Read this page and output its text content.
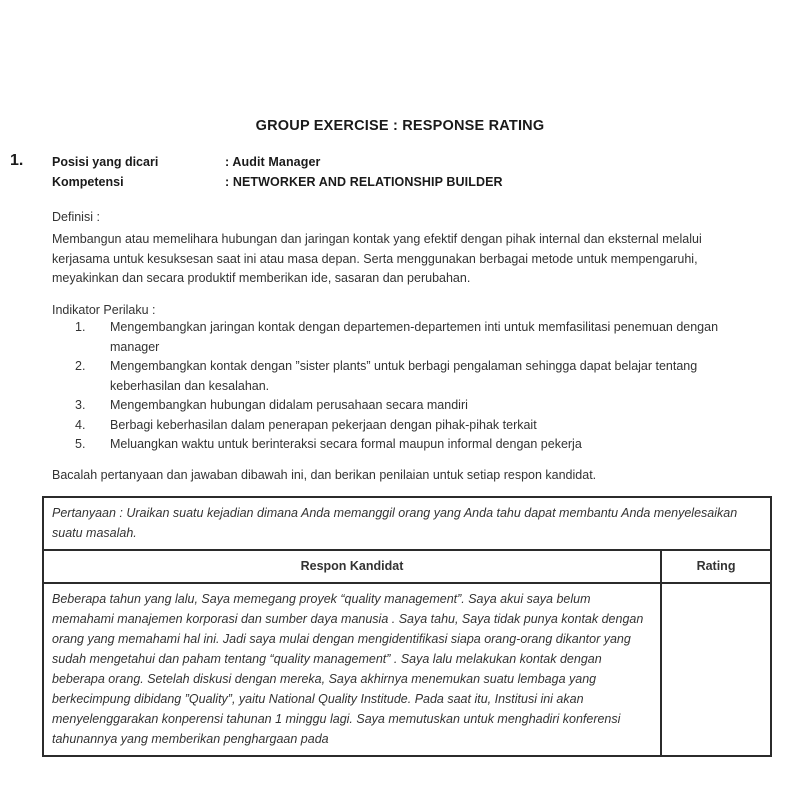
GROUP EXERCISE : RESPONSE RATING
1. Posisi yang dicari	: Audit Manager
Kompetensi	: NETWORKER AND RELATIONSHIP BUILDER
Definisi :
Membangun atau memelihara hubungan dan jaringan kontak yang efektif dengan pihak internal dan eksternal melalui kerjasama untuk kesuksesan saat ini atau masa depan. Serta menggunakan berbagai metode untuk mempengaruhi, meyakinkan dan secara produktif memberikan ide, sasaran dan perubahan.
Indikator Perilaku :
1. Mengembangkan jaringan kontak dengan departemen-departemen inti untuk memfasilitasi penemuan dengan manager
2. Mengembangkan kontak dengan ”sister plants” untuk berbagi pengalaman sehingga dapat belajar tentang keberhasilan dan kesalahan.
3. Mengembangkan hubungan didalam perusahaan secara mandiri
4. Berbagi keberhasilan dalam penerapan pekerjaan dengan pihak-pihak terkait
5. Meluangkan waktu untuk berinteraksi secara formal maupun informal dengan pekerja
Bacalah pertanyaan dan jawaban dibawah ini, dan berikan penilaian untuk setiap respon kandidat.
Pertanyaan : Uraikan suatu kejadian dimana Anda memanggil orang yang Anda tahu dapat membantu Anda menyelesaikan suatu masalah.	
Respon Kandidat	Rating
Beberapa tahun yang lalu, Saya memegang proyek “quality management”. Saya akui saya belum memahami manajemen korporasi dan sumber daya manusia . Saya tahu, Saya tidak punya kontak dengan orang yang memahami hal ini. Jadi saya mulai dengan mengidentifikasi siapa orang-orang dikantor yang sudah mengetahui dan paham tentang “quality management” . Saya lalu melakukan kontak dengan beberapa orang. Setelah diskusi dengan mereka, Saya akhirnya menemukan suatu lembaga yang berkecimpung dibidang ”Quality”, yaitu National Quality Institude. Pada saat itu, Institusi ini akan menyelenggarakan konperensi tahunan 1 minggu lagi. Saya memutuskan untuk menghadiri konferensi tahunannya yang memberikan penghargaan pada	
